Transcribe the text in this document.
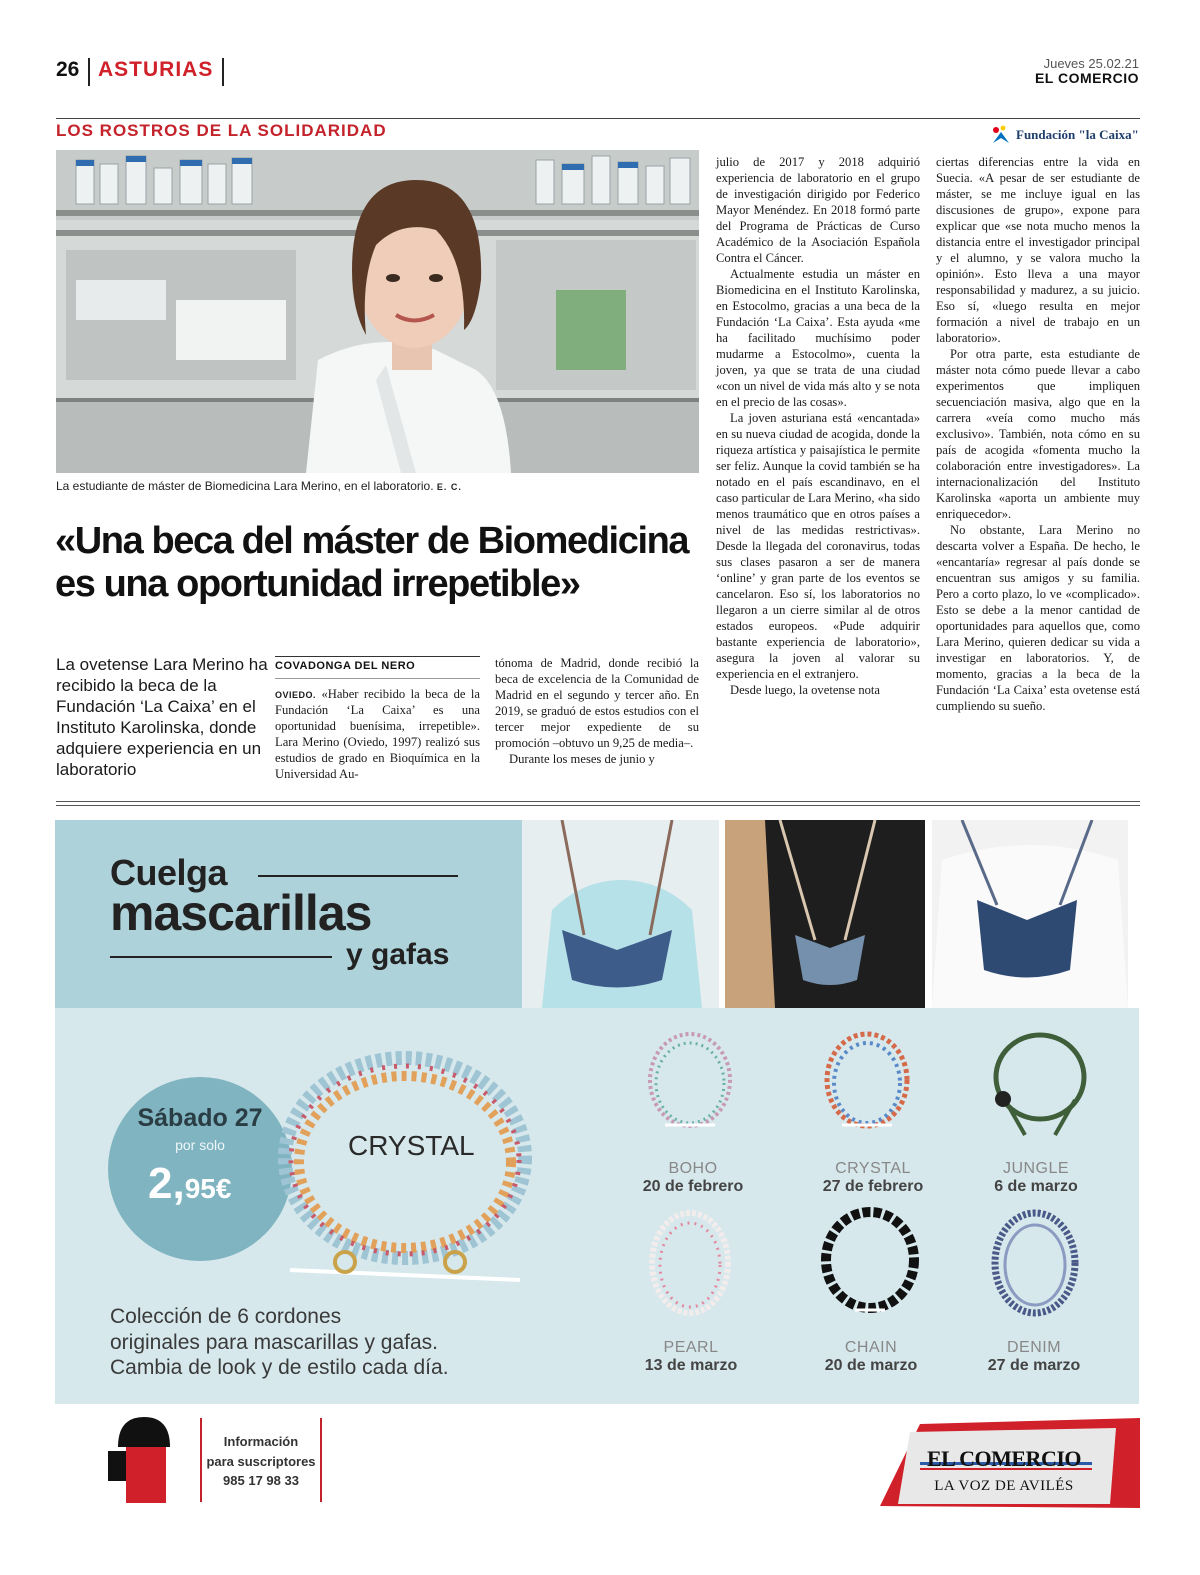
26 ASTURIAS	Jueves 25.02.21
EL COMERCIO
LOS ROSTROS DE LA SOLIDARIDAD	Fundación "la Caixa"
La estudiante de máster de Biomedicina Lara Merino, en el laboratorio. E. C.
«Una beca del máster de Biomedicina es una oportunidad irrepetible»
La ovetense Lara Merino ha recibido la beca de la Fundación ‘La Caixa’ en el Instituto Karolinska, donde adquiere experiencia en un laboratorio
COVADONGA DEL NERO

OVIEDO. «Haber recibido la beca de la Fundación ‘La Caixa’ es una oportunidad buenísima, irrepetible». Lara Merino (Oviedo, 1997) realizó sus estudios de grado en Bioquímica en la Universidad Au-

tónoma de Madrid, donde recibió la beca de excelencia de la Comunidad de Madrid en el segundo y tercer año. En 2019, se graduó de estos estudios con el tercer mejor expediente de su promoción –obtuvo un 9,25 de media–.

Durante los meses de junio y

julio de 2017 y 2018 adquirió experiencia de laboratorio en el grupo de investigación dirigido por Federico Mayor Menéndez. En 2018 formó parte del Programa de Prácticas de Curso Académico de la Asociación Española Contra el Cáncer.

Actualmente estudia un máster en Biomedicina en el Instituto Karolinska, en Estocolmo, gracias a una beca de la Fundación ‘La Caixa’. Esta ayuda «me ha facilitado muchísimo poder mudarme a Estocolmo», cuenta la joven, ya que se trata de una ciudad «con un nivel de vida más alto y se nota en el precio de las cosas».

La joven asturiana está «encantada» en su nueva ciudad de acogida, donde la riqueza artística y paisajística le permite ser feliz. Aunque la covid también se ha notado en el país escandinavo, en el caso particular de Lara Merino, «ha sido menos traumático que en otros países a nivel de las medidas restrictivas». Desde la llegada del coronavirus, todas sus clases pasaron a ser de manera ‘online’ y gran parte de los eventos se cancelaron. Eso sí, los laboratorios no llegaron a un cierre similar al de otros estados europeos. «Pude adquirir bastante experiencia de laboratorio», asegura la joven al valorar su experiencia en el extranjero.

Desde luego, la ovetense nota

ciertas diferencias entre la vida en Suecia. «A pesar de ser estudiante de máster, se me incluye igual en las discusiones de grupo», expone para explicar que «se nota mucho menos la distancia entre el investigador principal y el alumno, y se valora mucho la opinión». Esto lleva a una mayor responsabilidad y madurez, a su juicio. Eso sí, «luego resulta en mejor formación a nivel de trabajo en un laboratorio».

Por otra parte, esta estudiante de máster nota cómo puede llevar a cabo experimentos que impliquen secuenciación masiva, algo que en la carrera «veía como mucho más exclusivo». También, nota cómo en su país de acogida «fomenta mucho la colaboración entre investigadores». La internacionalización del Instituto Karolinska «aporta un ambiente muy enriquecedor».

No obstante, Lara Merino no descarta volver a España. De hecho, le «encantaría» regresar al país donde se encuentran sus amigos y su familia. Pero a corto plazo, lo ve «complicado». Esto se debe a la menor cantidad de oportunidades para aquellos que, como Lara Merino, quieren dedicar su vida a investigar en laboratorios. Y, de momento, gracias a la beca de la Fundación ‘La Caixa’ esta ovetense está cumpliendo su sueño.

Cuelga
mascarillas
y gafas
Sábado 27
por solo
2,95€
CRYSTAL
Colección de 6 cordones
originales para mascarillas y gafas.
Cambia de look y de estilo cada día.
BOHO
20 de febrero
CRYSTAL
27 de febrero
JUNGLE
6 de marzo
PEARL
13 de marzo
CHAIN
20 de marzo
DENIM
27 de marzo
Información
para suscriptores
985 17 98 33
EL COMERCIO
LA VOZ DE AVILÉS
